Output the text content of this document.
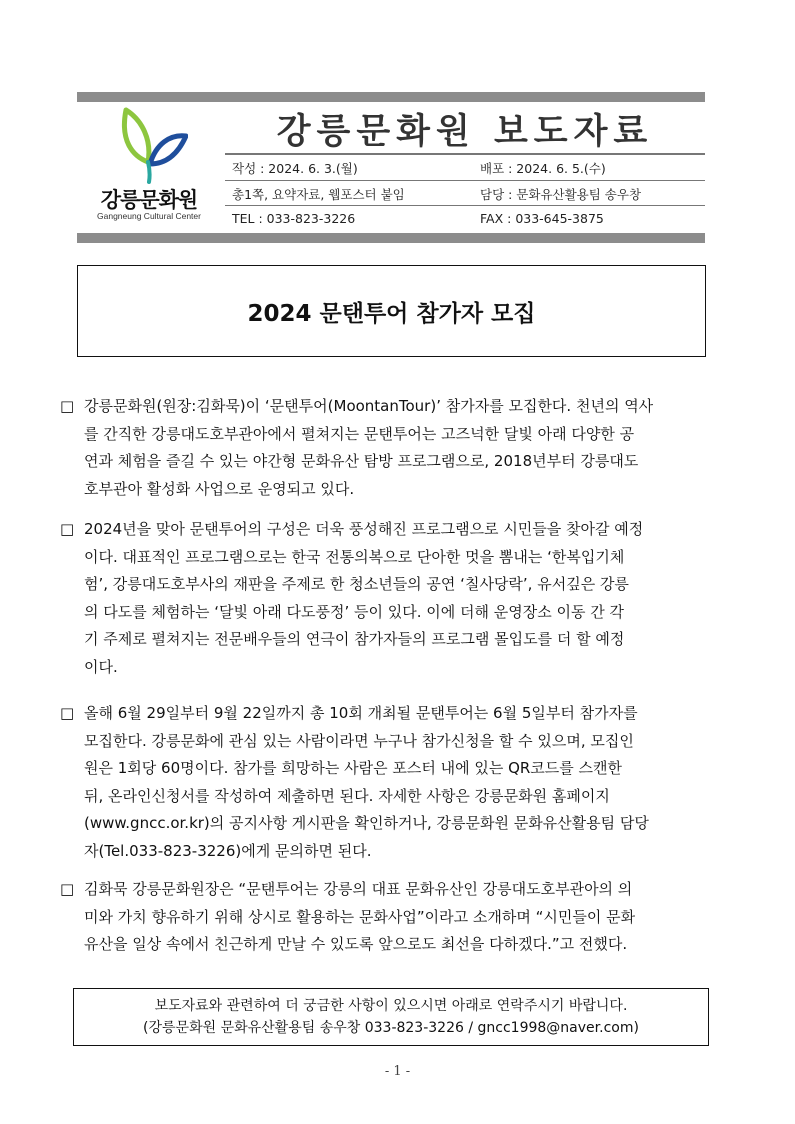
강릉문화원
Gangneung Cultural Center
강릉문화원 보도자료
작성 : 2024. 6. 3.(월)	배포 : 2024. 6. 5.(수)
총1쪽, 요약자료, 웹포스터 붙임	담당 : 문화유산활용팀 송우창
TEL : 033-823-3226	FAX : 033-645-3875
2024 문탠투어 참가자 모집
□ 강릉문화원(원장:김화묵)이 ‘문탠투어(MoontanTour)’ 참가자를 모집한다. 천년의 역사
를 간직한 강릉대도호부관아에서 펼쳐지는 문탠투어는 고즈넉한 달빛 아래 다양한 공
연과 체험을 즐길 수 있는 야간형 문화유산 탐방 프로그램으로, 2018년부터 강릉대도
호부관아 활성화 사업으로 운영되고 있다.
□ 2024년을 맞아 문탠투어의 구성은 더욱 풍성해진 프로그램으로 시민들을 찾아갈 예정
이다. 대표적인 프로그램으로는 한국 전통의복으로 단아한 멋을 뽐내는 ‘한복입기체
험’, 강릉대도호부사의 재판을 주제로 한 청소년들의 공연 ‘칠사당락’, 유서깊은 강릉
의 다도를 체험하는 ‘달빛 아래 다도풍정’ 등이 있다. 이에 더해 운영장소 이동 간 각
기 주제로 펼쳐지는 전문배우들의 연극이 참가자들의 프로그램 몰입도를 더 할 예정
이다.
□ 올해 6월 29일부터 9월 22일까지 총 10회 개최될 문탠투어는 6월 5일부터 참가자를
모집한다. 강릉문화에 관심 있는 사람이라면 누구나 참가신청을 할 수 있으며, 모집인
원은 1회당 60명이다. 참가를 희망하는 사람은 포스터 내에 있는 QR코드를 스캔한
뒤, 온라인신청서를 작성하여 제출하면 된다. 자세한 사항은 강릉문화원 홈페이지
(www.gncc.or.kr)의 공지사항 게시판을 확인하거나, 강릉문화원 문화유산활용팀 담당
자(Tel.033-823-3226)에게 문의하면 된다.
□ 김화묵 강릉문화원장은 “문탠투어는 강릉의 대표 문화유산인 강릉대도호부관아의 의
미와 가치 향유하기 위해 상시로 활용하는 문화사업”이라고 소개하며 “시민들이 문화
유산을 일상 속에서 친근하게 만날 수 있도록 앞으로도 최선을 다하겠다.”고 전했다.
보도자료와 관련하여 더 궁금한 사항이 있으시면 아래로 연락주시기 바랍니다.
(강릉문화원 문화유산활용팀 송우창 033-823-3226 / gncc1998@naver.com)
- 1 -
